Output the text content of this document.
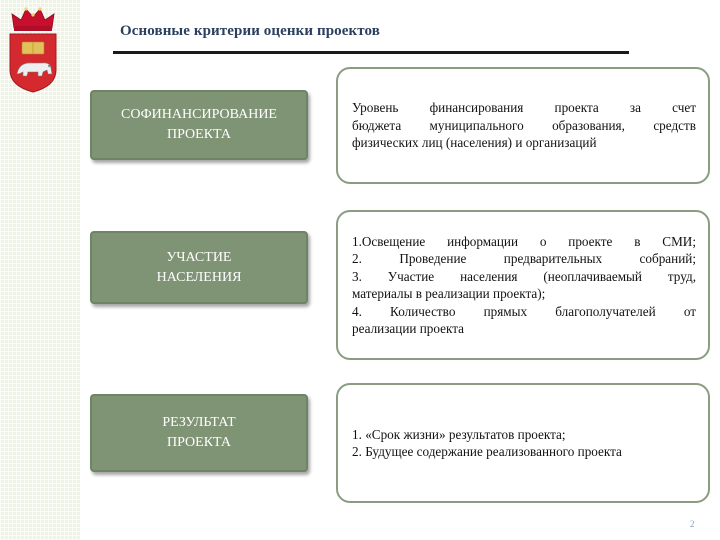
Основные критерии оценки проектов
СОФИНАНСИРОВАНИЕ
ПРОЕКТА
Уровень финансирования проекта за счет
бюджета муниципального образования, средств
физических лиц (населения) и организаций
УЧАСТИЕ
НАСЕЛЕНИЯ
1.Освещение информации о проекте в СМИ;
2. Проведение предварительных собраний;
3. Участие населения (неоплачиваемый труд,
материалы в реализации проекта);
4. Количество прямых благополучателей от
реализации проекта
РЕЗУЛЬТАТ
ПРОЕКТА
1. «Срок жизни» результатов проекта;
2. Будущее содержание реализованного проекта
2
